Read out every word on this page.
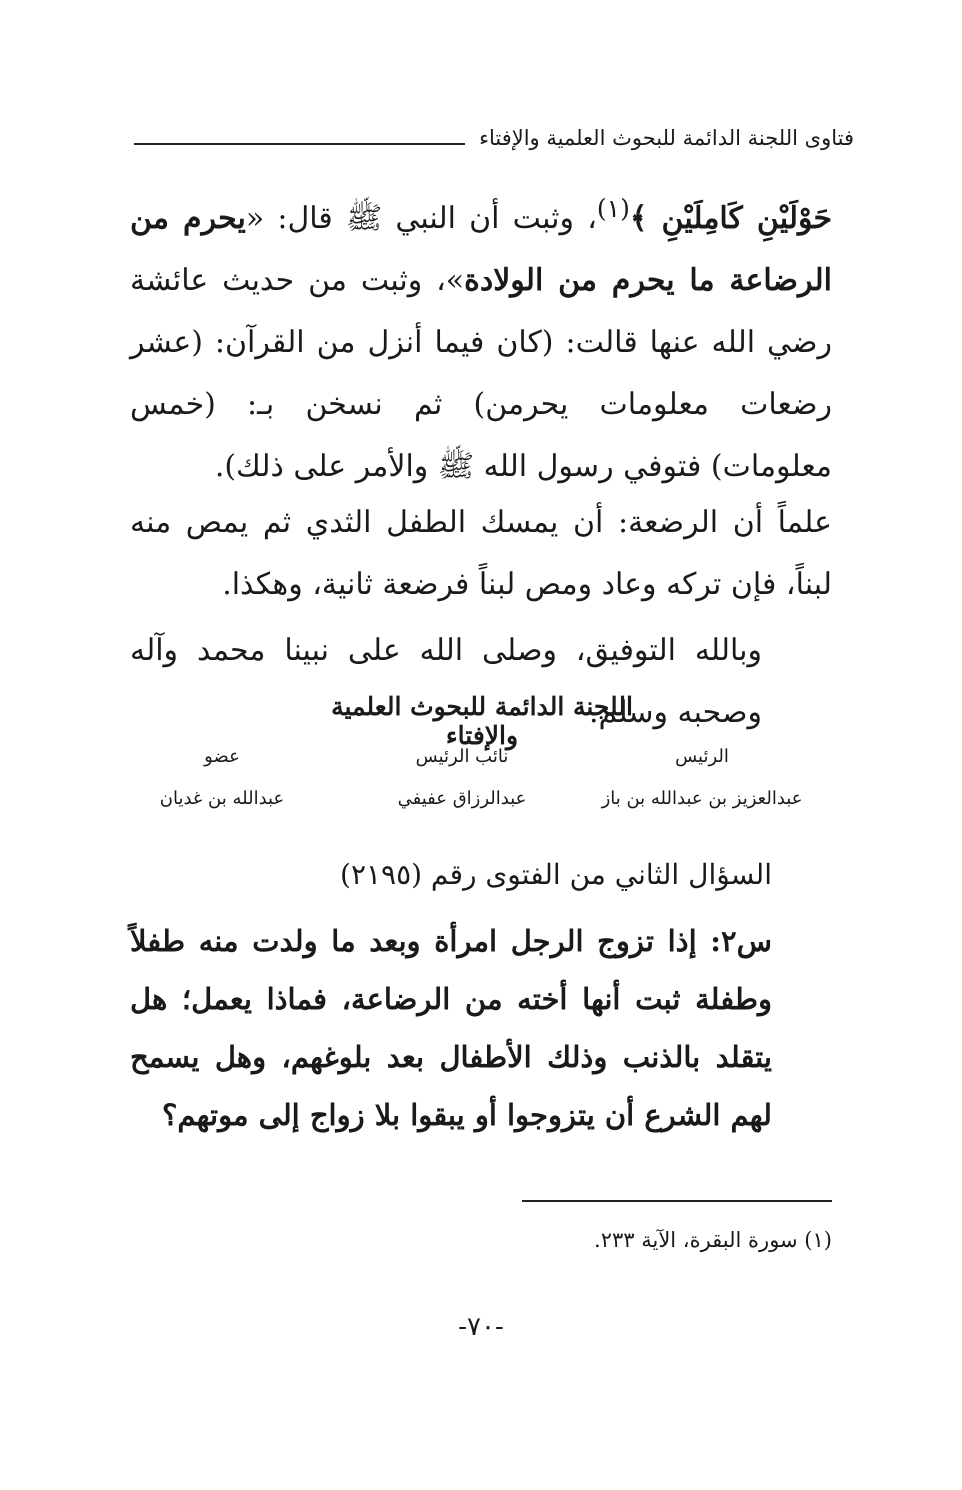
فتاوى اللجنة الدائمة للبحوث العلمية والإفتاء
حَوْلَيْنِ كَامِلَيْنِ ﴾$^{(١)}$، وثبت أن النبي ﷺ قال: «يحرم من الرضاعة ما يحرم من الولادة»، وثبت من حديث عائشة رضي الله عنها قالت: (كان فيما أنزل من القرآن: (عشر رضعات معلومات يحرمن) ثم نسخن بـ: (خمس معلومات) فتوفي رسول الله ﷺ والأمر على ذلك).
علماً أن الرضعة: أن يمسك الطفل الثدي ثم يمص منه لبناً، فإن تركه وعاد ومص لبناً فرضعة ثانية، وهكذا.
وبالله التوفيق، وصلى الله على نبينا محمد وآله وصحبه وسلم.
اللجنة الدائمة للبحوث العلمية والإفتاء
الرئيس
نائب الرئيس
عضو
عبدالعزيز بن عبدالله بن باز
عبدالرزاق عفيفي
عبدالله بن غديان
السؤال الثاني من الفتوى رقم (٢١٩٥)
س٢: إذا تزوج الرجل امرأة وبعد ما ولدت منه طفلاً وطفلة ثبت أنها أخته من الرضاعة، فماذا يعمل؛ هل يتقلد بالذنب وذلك الأطفال بعد بلوغهم، وهل يسمح لهم الشرع أن يتزوجوا أو يبقوا بلا زواج إلى موتهم؟
(١) سورة البقرة، الآية ٢٣٣.
-٧٠-
